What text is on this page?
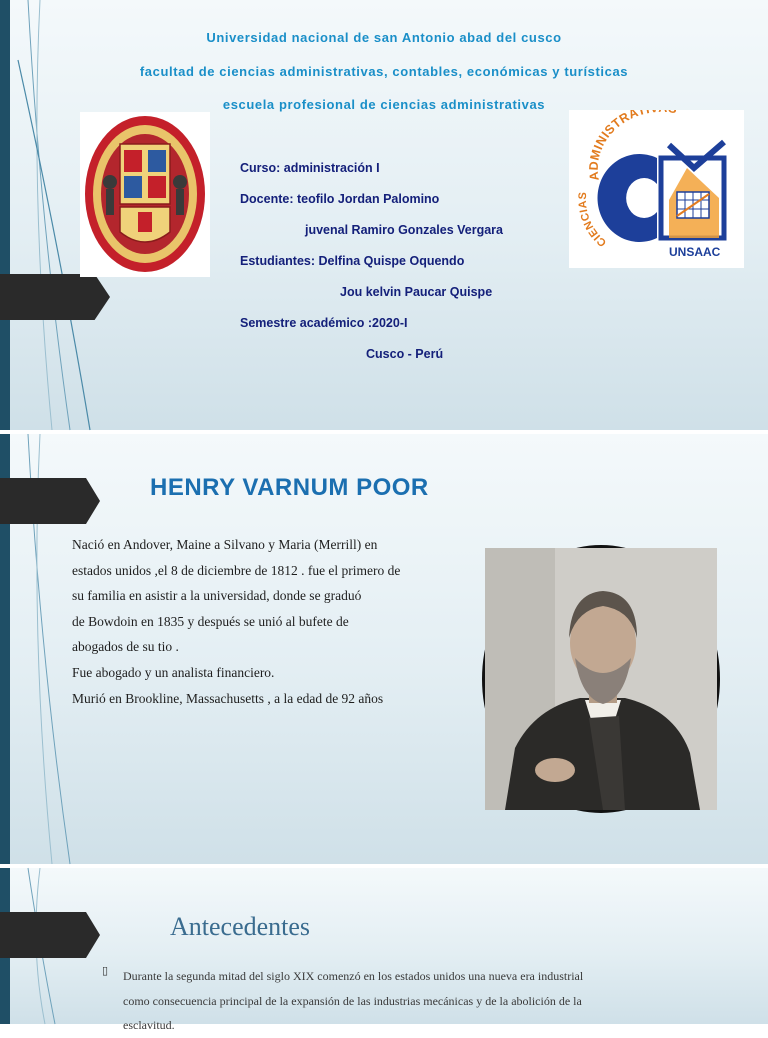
Universidad nacional de san Antonio abad del cusco
facultad de ciencias administrativas, contables, económicas y turísticas
escuela profesional de ciencias administrativas
ADMINISTRAT
CIENCIAS
UNSAAC
Curso: administración I
Docente: teofilo Jordan Palomino
juvenal Ramiro Gonzales Vergara
Estudiantes: Delfina Quispe Oquendo
Jou kelvin Paucar Quispe
Semestre académico :2020-I
Cusco - Perú
HENRY VARNUM POOR
Nació en Andover, Maine a Silvano y Maria (Merrill) en
estados unidos ,el 8 de diciembre de 1812 . fue el primero de
su familia en asistir a la universidad, donde se graduó
de Bowdoin en 1835 y después se unió al bufete de
abogados de su tio .
Fue abogado y un analista financiero.
Murió en Brookline, Massachusetts , a la edad de 92 años
Antecedentes
▯ Durante la segunda mitad del siglo XIX comenzó en los estados unidos una nueva era industrial
como consecuencia principal de la expansión de las industrias mecánicas y de la abolición de la
esclavitud.
